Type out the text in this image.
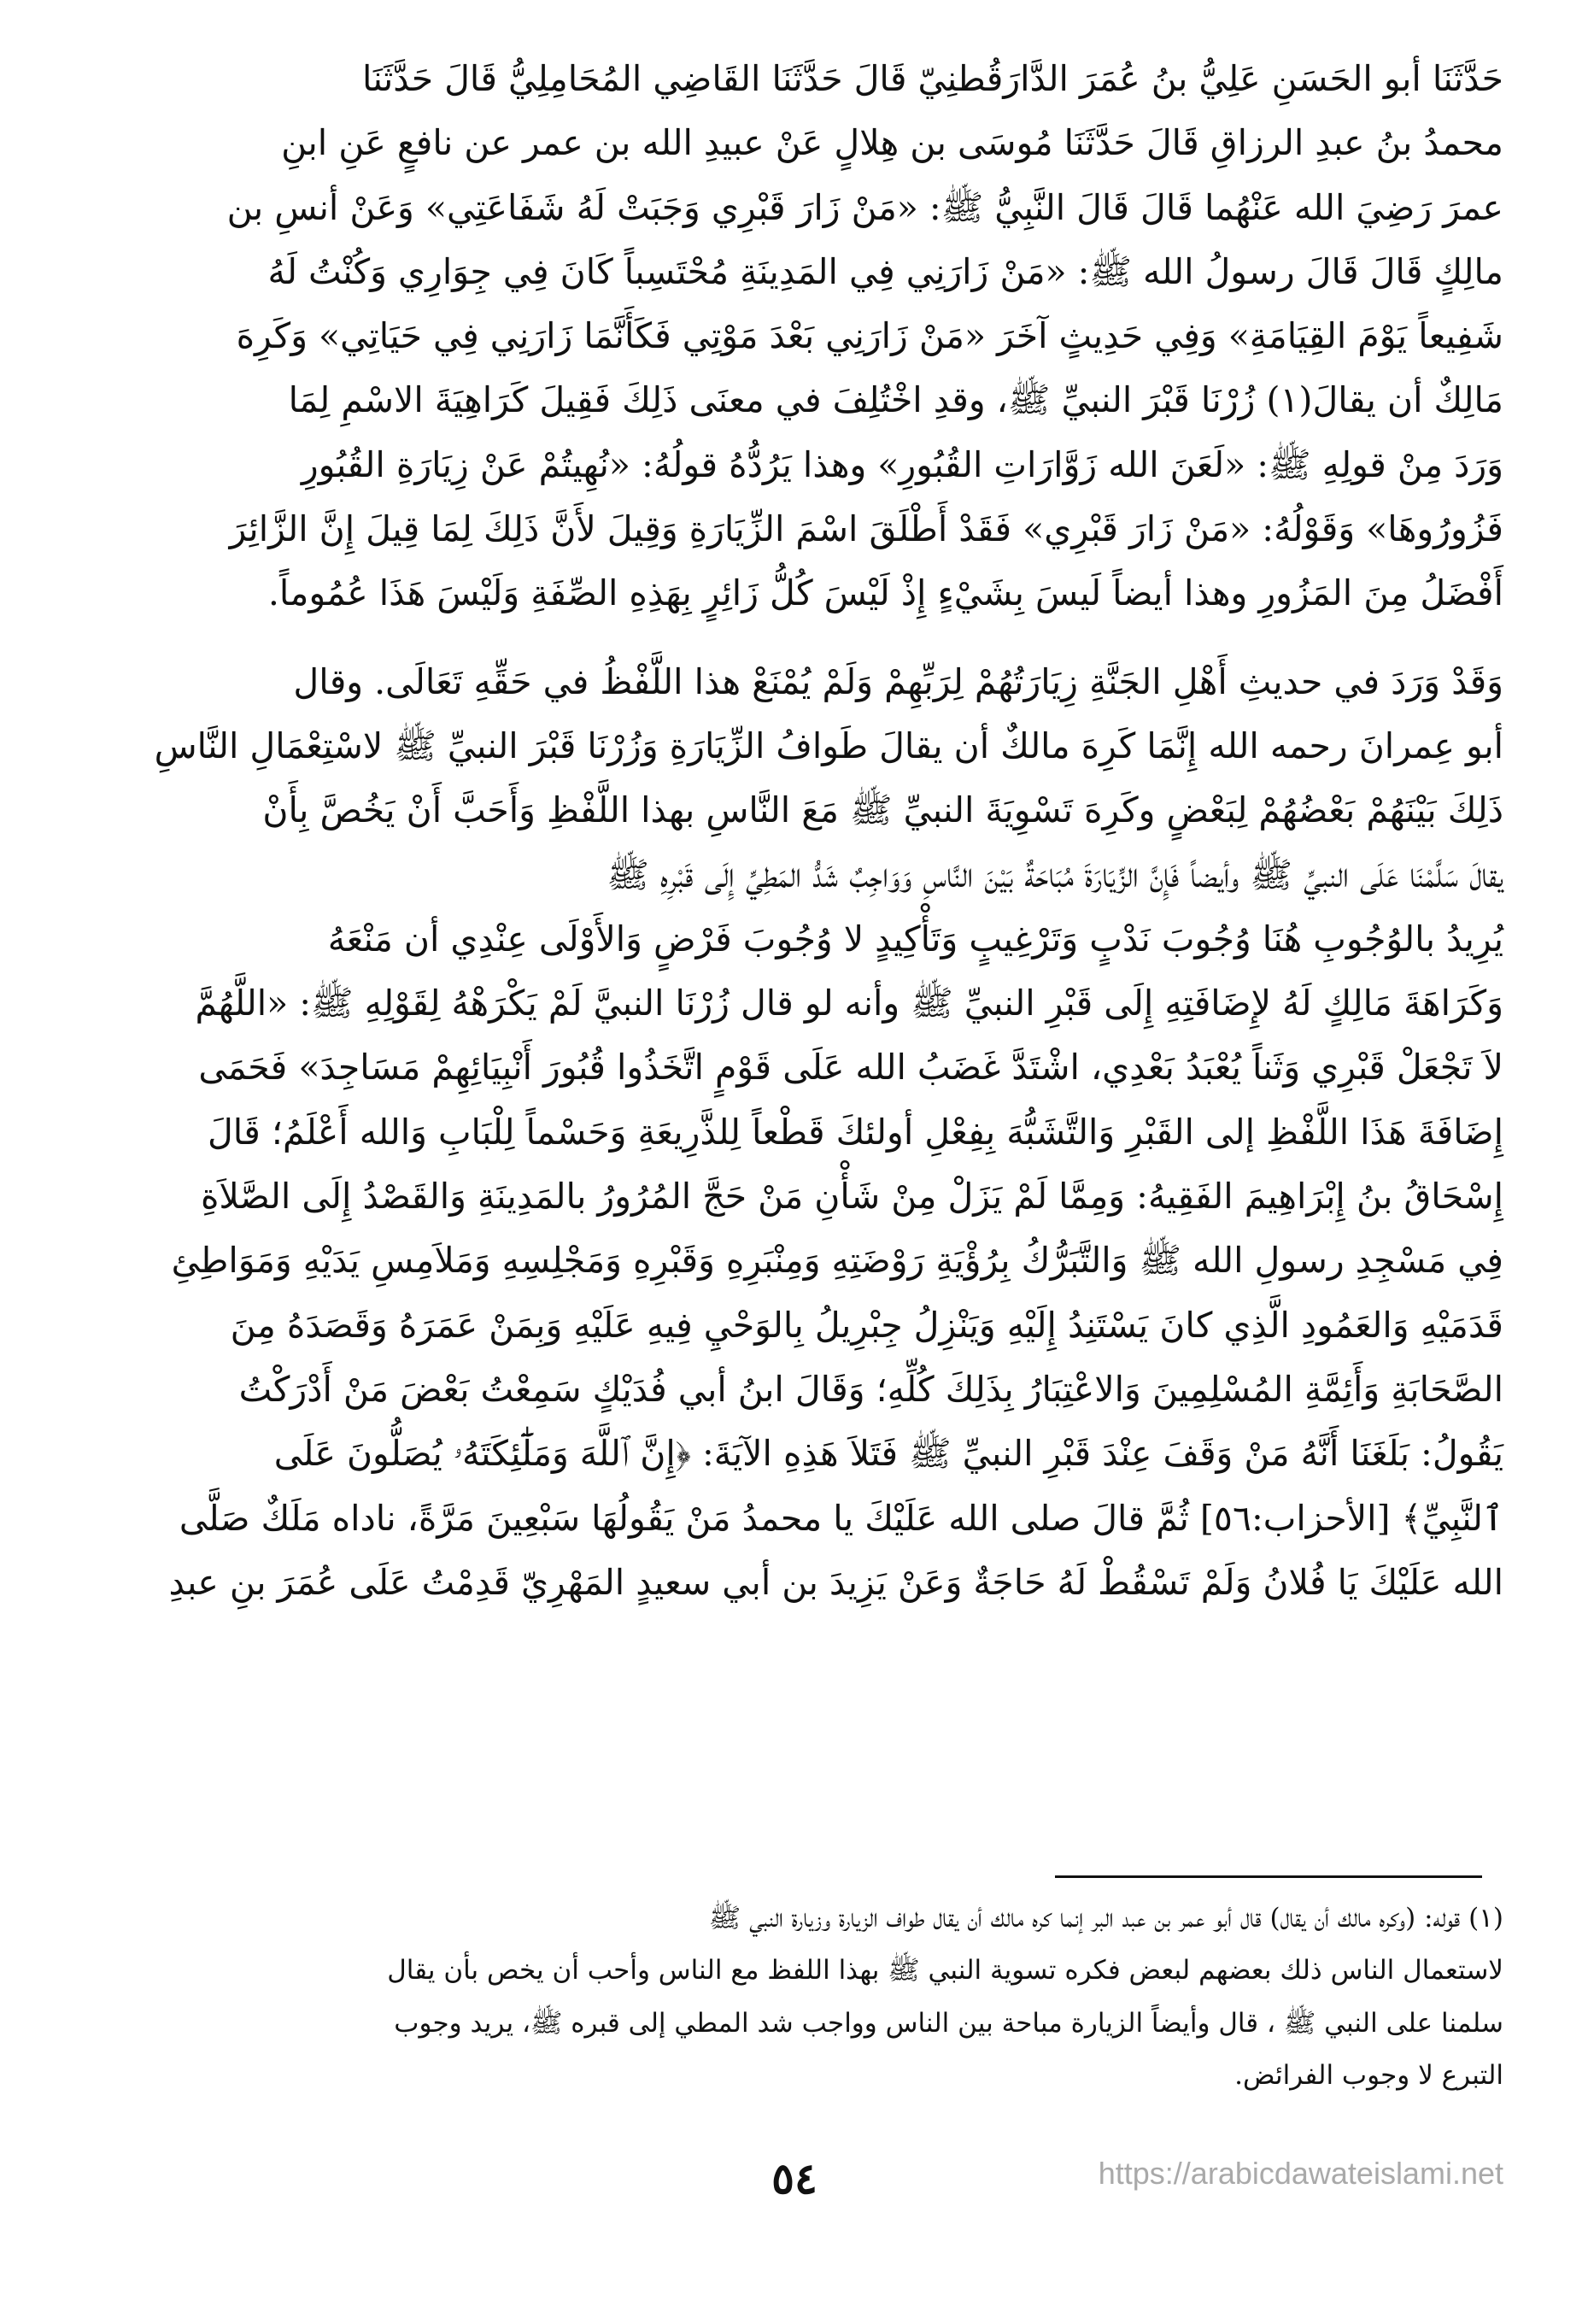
حَدَّثَنَا أبو الحَسَنِ عَلِيُّ بنُ عُمَرَ الدَّارَقُطنِيّ قَالَ حَدَّثَنَا القَاضِي المُحَامِلِيُّ قَالَ حَدَّثَنَا
محمدُ بنُ عبدِ الرزاقِ قَالَ حَدَّثَنَا مُوسَى بن هِلالٍ عَنْ عبيدِ الله بن عمر عن نافعٍ عَنِ ابنِ
عمرَ رَضِيَ الله عَنْهُما قَالَ قَالَ النَّبِيُّ ﷺ: «مَنْ زَارَ قَبْرِي وَجَبَتْ لَهُ شَفَاعَتِي» وَعَنْ أنسِ بن
مالِكٍ قَالَ قَالَ رسولُ الله ﷺ: «مَنْ زَارَنِي فِي المَدِينَةِ مُحْتَسِباً كَانَ فِي جِوَارِي وَكُنْتُ لَهُ
شَفِيعاً يَوْمَ القِيَامَةِ» وَفِي حَدِيثٍ آخَرَ «مَنْ زَارَنِي بَعْدَ مَوْتِي فَكَأَنَّمَا زَارَنِي فِي حَيَاتِي» وَكَرِهَ
مَالِكٌ أن يقالَ(١) زُرْنَا قَبْرَ النبيِّ ﷺ، وقدِ اخْتُلِفَ في معنَى ذَلِكَ فَقِيلَ كَرَاهِيَةَ الاسْمِ لِمَا
وَرَدَ مِنْ قولِهِ ﷺ: «لَعَنَ الله زَوَّارَاتِ القُبُورِ» وهذا يَرُدُّهُ قولُهُ: «نُهِيتُمْ عَنْ زِيَارَةِ القُبُورِ
فَزُورُوهَا» وَقَوْلُهُ: «مَنْ زَارَ قَبْرِي» فَقَدْ أَطْلَقَ اسْمَ الزِّيَارَةِ وَقِيلَ لأَنَّ ذَلِكَ لِمَا قِيلَ إِنَّ الزَّائِرَ
أَفْضَلُ مِنَ المَزُورِ وهذا أيضاً لَيسَ بِشَيْءٍ إِذْ لَيْسَ كُلُّ زَائِرٍ بِهَذِهِ الصِّفَةِ وَلَيْسَ هَذَا عُمُوماً.

وَقَدْ وَرَدَ في حديثِ أَهْلِ الجَنَّةِ زِيَارَتُهُمْ لِرَبِّهِمْ وَلَمْ يُمْنَعْ هذا اللَّفْظُ في حَقِّهِ تَعَالَى. وقال
أبو عِمرانَ رحمه الله إِنَّمَا كَرِهَ مالكٌ أن يقالَ طَوافُ الزِّيَارَةِ وَزُرْنَا قَبْرَ النبيِّ ﷺ لاسْتِعْمَالِ النَّاسِ
ذَلِكَ بَيْنَهُمْ بَعْضُهُمْ لِبَعْضٍ وكَرِهَ تَسْوِيَةَ النبيِّ ﷺ مَعَ النَّاسِ بهذا اللَّفْظِ وَأَحَبَّ أَنْ يَخُصَّ بِأَنْ
يقالَ سَلَّمْنَا عَلَى النبيِّ ﷺ وأيضاً فَإِنَّ الزِّيَارَةَ مُبَاحَةٌ بَيْنَ النَّاسِ وَوَاجِبٌ شَدُّ المَطِيِّ إِلَى قَبْرِهِ ﷺ
يُرِيدُ بالوُجُوبِ هُنَا وُجُوبَ نَدْبٍ وَتَرْغِيبٍ وَتَأْكِيدٍ لا وُجُوبَ فَرْضٍ وَالأَوْلَى عِنْدِي أن مَنْعَهُ
وَكَرَاهَةَ مَالِكٍ لَهُ لإِضَافَتِهِ إِلَى قَبْرِ النبيِّ ﷺ وأنه لو قال زُرْنَا النبيَّ لَمْ يَكْرَهْهُ لِقَوْلِهِ ﷺ: «اللَّهُمَّ
لاَ تَجْعَلْ قَبْرِي وَثَناً يُعْبَدُ بَعْدِي، اشْتَدَّ غَضَبُ الله عَلَى قَوْمٍ اتَّخَذُوا قُبُورَ أَنْبِيَائِهِمْ مَسَاجِدَ» فَحَمَى
إِضَافَةَ هَذَا اللَّفْظِ إلى القَبْرِ وَالتَّشَبُّهَ بِفِعْلِ أولئكَ قَطْعاً لِلذَّرِيعَةِ وَحَسْماً لِلْبَابِ وَالله أَعْلَمُ؛ قَالَ
إِسْحَاقُ بنُ إِبْرَاهِيمَ الفَقِيهُ: وَمِمَّا لَمْ يَزَلْ مِنْ شَأْنِ مَنْ حَجَّ المُرُورُ بالمَدِينَةِ وَالقَصْدُ إِلَى الصَّلاَةِ
فِي مَسْجِدِ رسولِ الله ﷺ وَالتَّبَرُّكُ بِرُؤْيَةِ رَوْضَتِهِ وَمِنْبَرِهِ وَقَبْرِهِ وَمَجْلِسِهِ وَمَلاَمِسِ يَدَيْهِ وَمَوَاطِئِ
قَدَمَيْهِ وَالعَمُودِ الَّذِي كانَ يَسْتَنِدُ إِلَيْهِ وَيَنْزِلُ جِبْرِيلُ بِالوَحْيِ فِيهِ عَلَيْهِ وَبِمَنْ عَمَرَهُ وَقَصَدَهُ مِنَ
الصَّحَابَةِ وَأَئِمَّةِ المُسْلِمِينَ وَالاعْتِبَارُ بِذَلِكَ كُلِّهِ؛ وَقَالَ ابنُ أبي فُدَيْكٍ سَمِعْتُ بَعْضَ مَنْ أَدْرَكْتُ
يَقُولُ: بَلَغَنَا أَنَّهُ مَنْ وَقَفَ عِنْدَ قَبْرِ النبيِّ ﷺ فَتَلاَ هَذِهِ الآيَةَ: ﴿إِنَّ ٱللَّهَ وَمَلَٰٓئِكَتَهُۥ يُصَلُّونَ عَلَى
ٱلنَّبِيِّ﴾ [الأحزاب:٥٦] ثُمَّ قالَ صلى الله عَلَيْكَ يا محمدُ مَنْ يَقُولُهَا سَبْعِينَ مَرَّةً، ناداه مَلَكٌ صَلَّى
الله عَلَيْكَ يَا فُلانُ وَلَمْ تَسْقُطْ لَهُ حَاجَةٌ وَعَنْ يَزِيدَ بن أبي سعيدٍ المَهْرِيّ قَدِمْتُ عَلَى عُمَرَ بنِ عبدِ

(١) قوله: (وكره مالك أن يقال) قال أبو عمر بن عبد البر إنما كره مالك أن يقال طواف الزيارة وزيارة النبي ﷺ
لاستعمال الناس ذلك بعضهم لبعض فكره تسوية النبي ﷺ بهذا اللفظ مع الناس وأحب أن يخص بأن يقال
سلمنا على النبي ﷺ ، قال وأيضاً الزيارة مباحة بين الناس وواجب شد المطي إلى قبره ﷺ، يريد وجوب
التبرع لا وجوب الفرائض.
٥٤	https://arabicdawateislami.net
